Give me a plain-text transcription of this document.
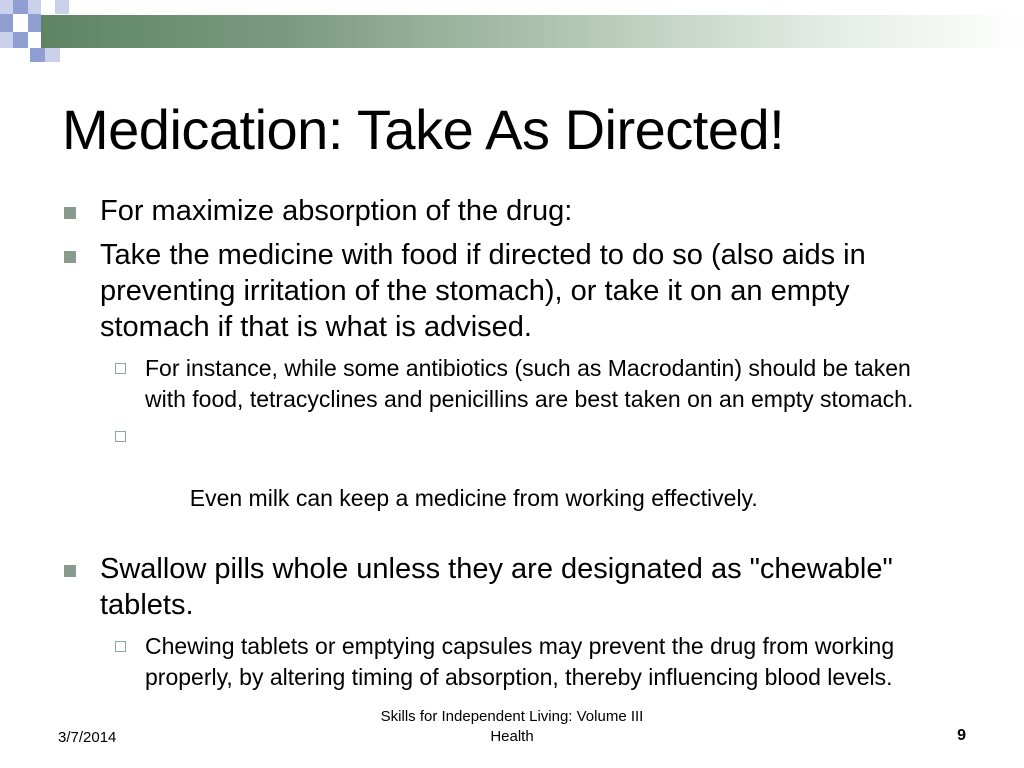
Medication: Take As Directed!
For maximize absorption of the drug:
Take the medicine with food if directed to do so (also aids in preventing irritation of the stomach), or take it on an empty stomach if that is what is advised.
For instance, while some antibiotics (such as Macrodantin) should be taken with food, tetracyclines and penicillins are best taken on an empty stomach.

Even milk can keep a medicine from working effectively.

Swallow pills whole unless they are designated as "chewable" tablets.
Chewing tablets or emptying capsules may prevent the drug from working properly, by altering timing of absorption, thereby influencing blood levels.
3/7/2014
Skills for Independent Living: Volume III
Health	9
